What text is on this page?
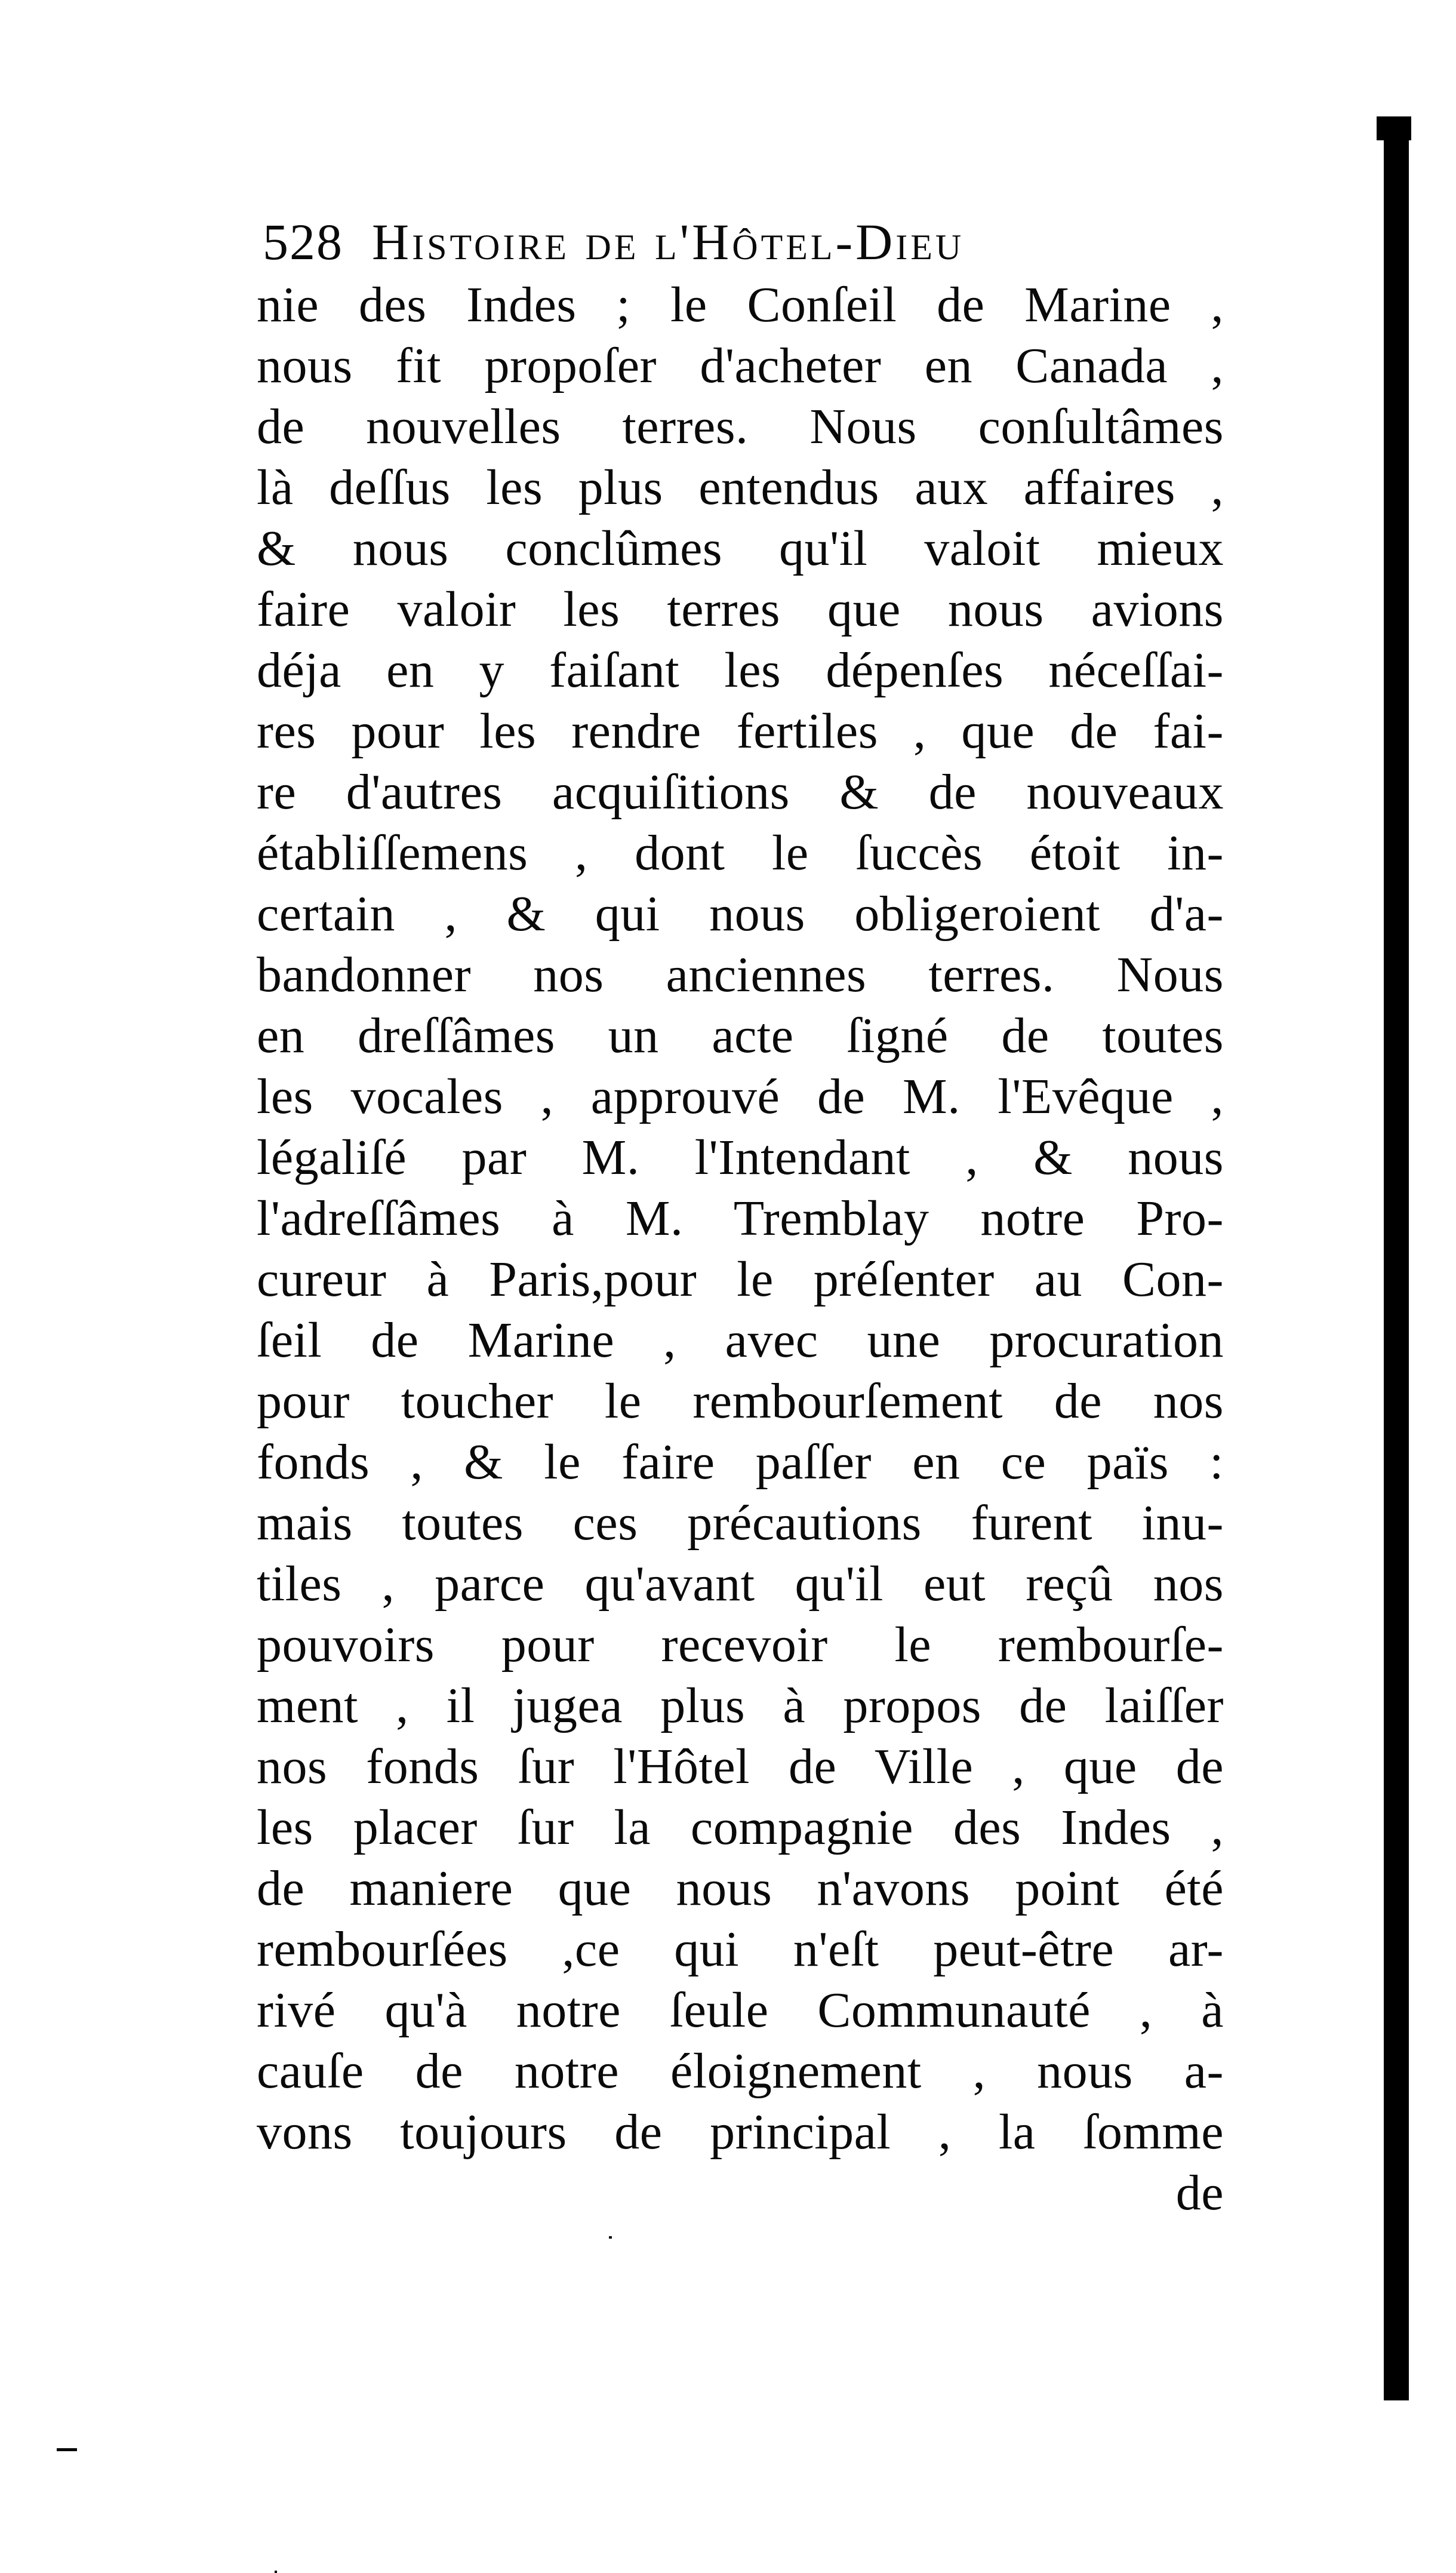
528 Histoire de l'Hôtel-Dieu
nie des Indes ; le Conſeil de Marine ,
nous fit propoſer d'acheter en Canada ,
de nouvelles terres. Nous conſultâmes
là deſſus les plus entendus aux affaires ,
& nous conclûmes qu'il valoit mieux
faire valoir les terres que nous avions
déja en y faiſant les dépenſes néceſſai-
res pour les rendre fertiles , que de fai-
re d'autres acquiſitions & de nouveaux
établiſſemens , dont le ſuccès étoit in-
certain , & qui nous obligeroient d'a-
bandonner nos anciennes terres. Nous
en dreſſâmes un acte ſigné de toutes
les vocales , approuvé de M. l'Evêque ,
légaliſé par M. l'Intendant , & nous
l'adreſſâmes à M. Tremblay notre Pro-
cureur à Paris,pour le préſenter au Con-
ſeil de Marine , avec une procuration
pour toucher le rembourſement de nos
fonds , & le faire paſſer en ce païs :
mais toutes ces précautions furent inu-
tiles , parce qu'avant qu'il eut reçû nos
pouvoirs pour recevoir le rembourſe-
ment , il jugea plus à propos de laiſſer
nos fonds ſur l'Hôtel de Ville , que de
les placer ſur la compagnie des Indes ,
de maniere que nous n'avons point été
rembourſées ,ce qui n'eſt peut-être ar-
rivé qu'à notre ſeule Communauté , à
cauſe de notre éloignement , nous a-
vons toujours de principal , la ſomme
de
